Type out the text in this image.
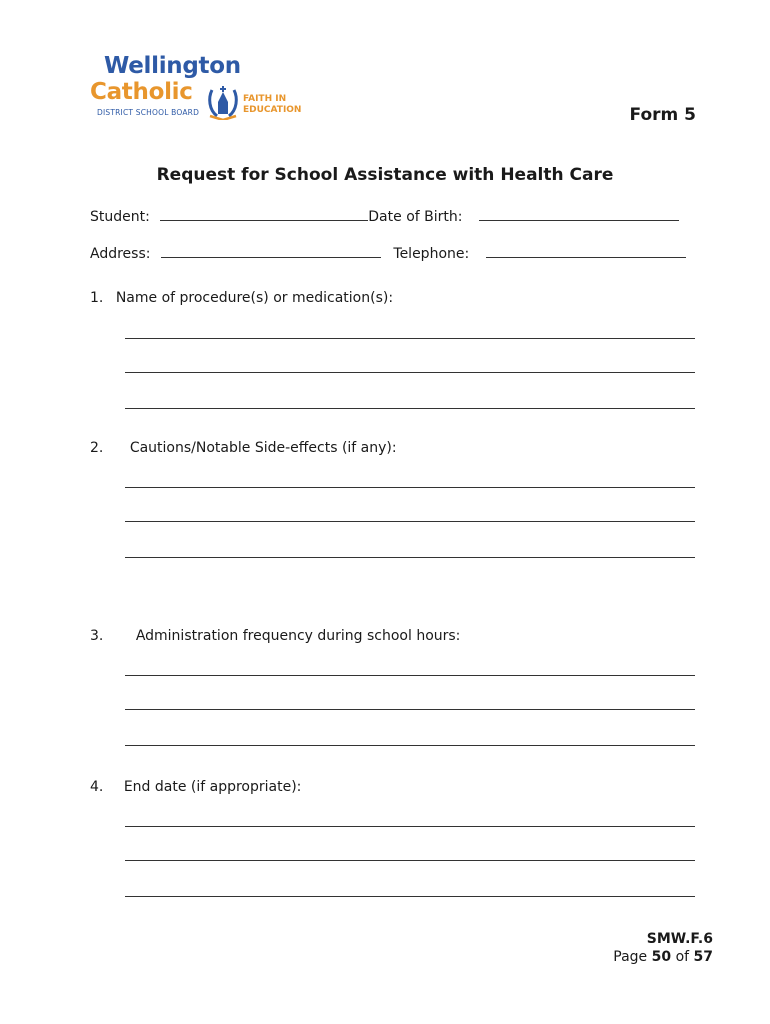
Wellington
Catholic
DISTRICT SCHOOL BOARD
FAITH IN
EDUCATION	Form 5
Request for School Assistance with Health Care
Student:	Date of Birth:
Address:	Telephone:
1. Name of procedure(s) or medication(s):
2. Cautions/Notable Side-effects (if any):
3. Administration frequency during school hours:
4. End date (if appropriate):
SMW.F.6
Page 50 of 57
